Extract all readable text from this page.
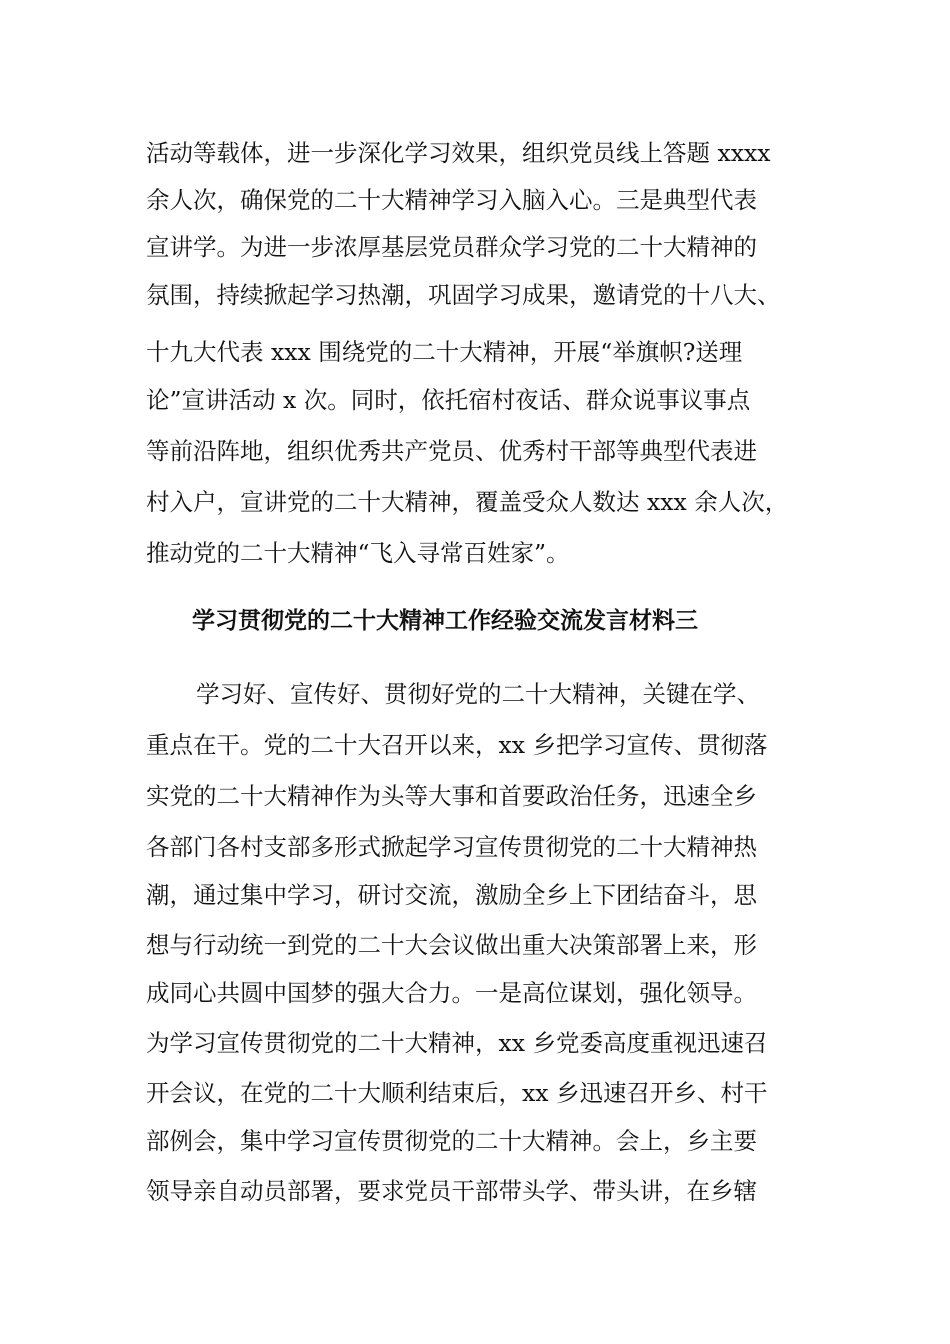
活动等载体，进一步深化学习效果，组织党员线上答题 xxxx
余人次，确保党的二十大精神学习入脑入心。三是典型代表
宣讲学。为进一步浓厚基层党员群众学习党的二十大精神的
氛围，持续掀起学习热潮，巩固学习成果，邀请党的十八大、
十九大代表 xxx 围绕党的二十大精神，开展“举旗帜?送理
论”宣讲活动 x 次。同时，依托宿村夜话、群众说事议事点
等前沿阵地，组织优秀共产党员、优秀村干部等典型代表进
村入户，宣讲党的二十大精神，覆盖受众人数达 xxx 余人次，
推动党的二十大精神“飞入寻常百姓家”。
学习贯彻党的二十大精神工作经验交流发言材料三
学习好、宣传好、贯彻好党的二十大精神，关键在学、
重点在干。党的二十大召开以来，xx 乡把学习宣传、贯彻落
实党的二十大精神作为头等大事和首要政治任务，迅速全乡
各部门各村支部多形式掀起学习宣传贯彻党的二十大精神热
潮，通过集中学习，研讨交流，激励全乡上下团结奋斗，思
想与行动统一到党的二十大会议做出重大决策部署上来，形
成同心共圆中国梦的强大合力。一是高位谋划，强化领导。
为学习宣传贯彻党的二十大精神，xx 乡党委高度重视迅速召
开会议，在党的二十大顺利结束后，xx 乡迅速召开乡、村干
部例会，集中学习宣传贯彻党的二十大精神。会上，乡主要
领导亲自动员部署，要求党员干部带头学、带头讲，在乡辖
